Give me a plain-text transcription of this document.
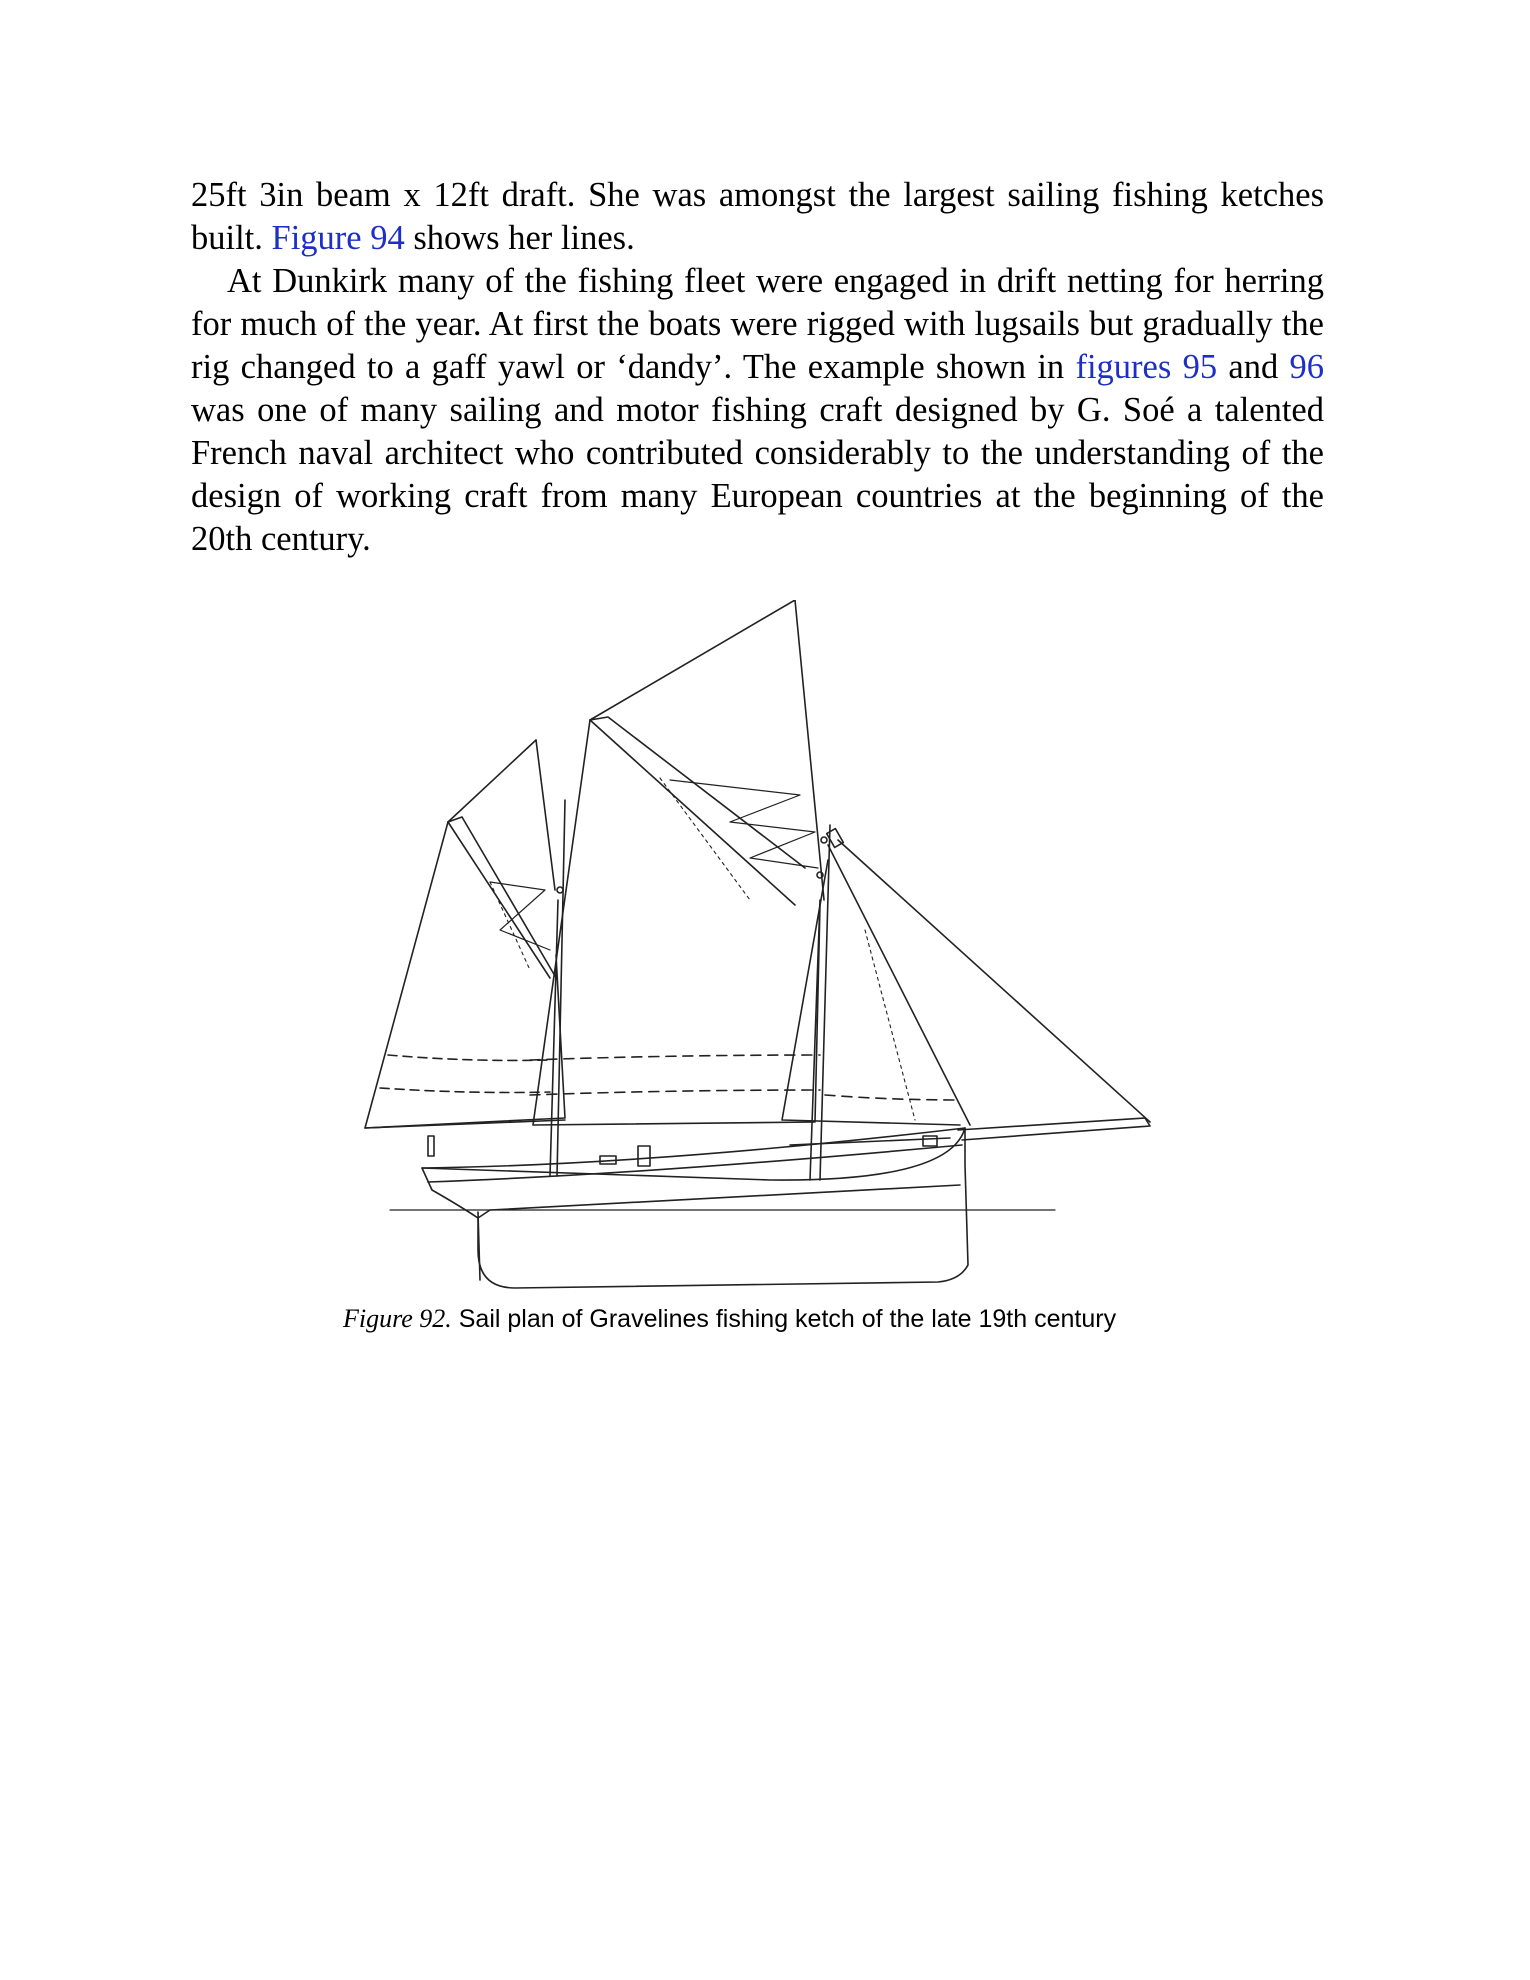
25ft 3in beam x 12ft draft. She was amongst the largest sailing fishing ketches built. Figure 94 shows her lines.

At Dunkirk many of the fishing fleet were engaged in drift netting for herring for much of the year. At first the boats were rigged with lugsails but gradually the rig changed to a gaff yawl or ‘dandy’. The example shown in figures 95 and 96 was one of many sailing and motor fishing craft designed by G. Soé a talented French naval architect who contributed considerably to the understanding of the design of working craft from many European countries at the beginning of the 20th century.

Figure 92. Sail plan of Gravelines fishing ketch of the late 19th century
